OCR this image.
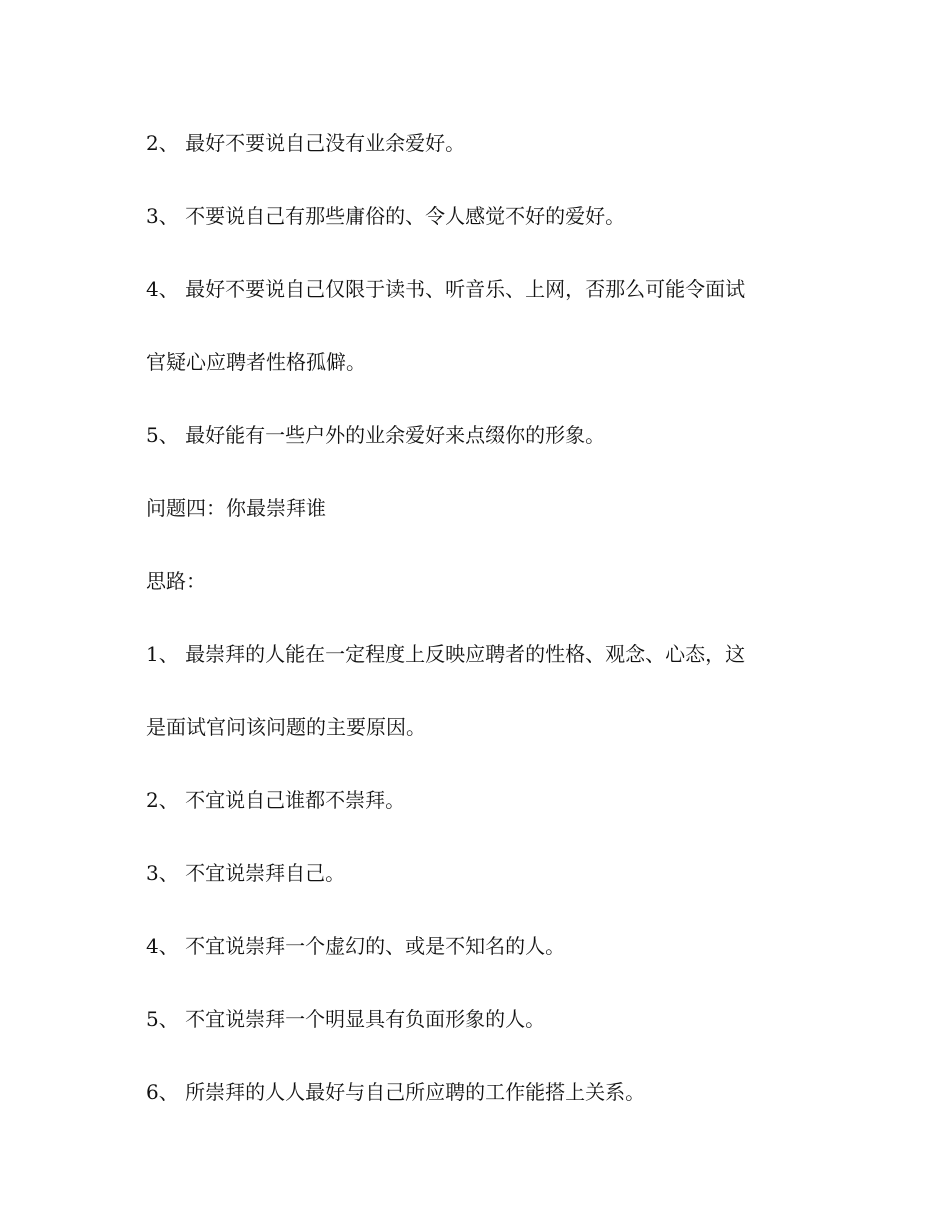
2、 最好不要说自己没有业余爱好。
3、 不要说自己有那些庸俗的、令人感觉不好的爱好。
4、 最好不要说自己仅限于读书、听音乐、上网，否那么可能令面试
官疑心应聘者性格孤僻。
5、 最好能有一些户外的业余爱好来点缀你的形象。
问题四：你最崇拜谁
思路：
1、 最崇拜的人能在一定程度上反映应聘者的性格、观念、心态，这
是面试官问该问题的主要原因。
2、 不宜说自己谁都不崇拜。
3、 不宜说崇拜自己。
4、 不宜说崇拜一个虚幻的、或是不知名的人。
5、 不宜说崇拜一个明显具有负面形象的人。
6、 所崇拜的人人最好与自己所应聘的工作能搭上关系。
